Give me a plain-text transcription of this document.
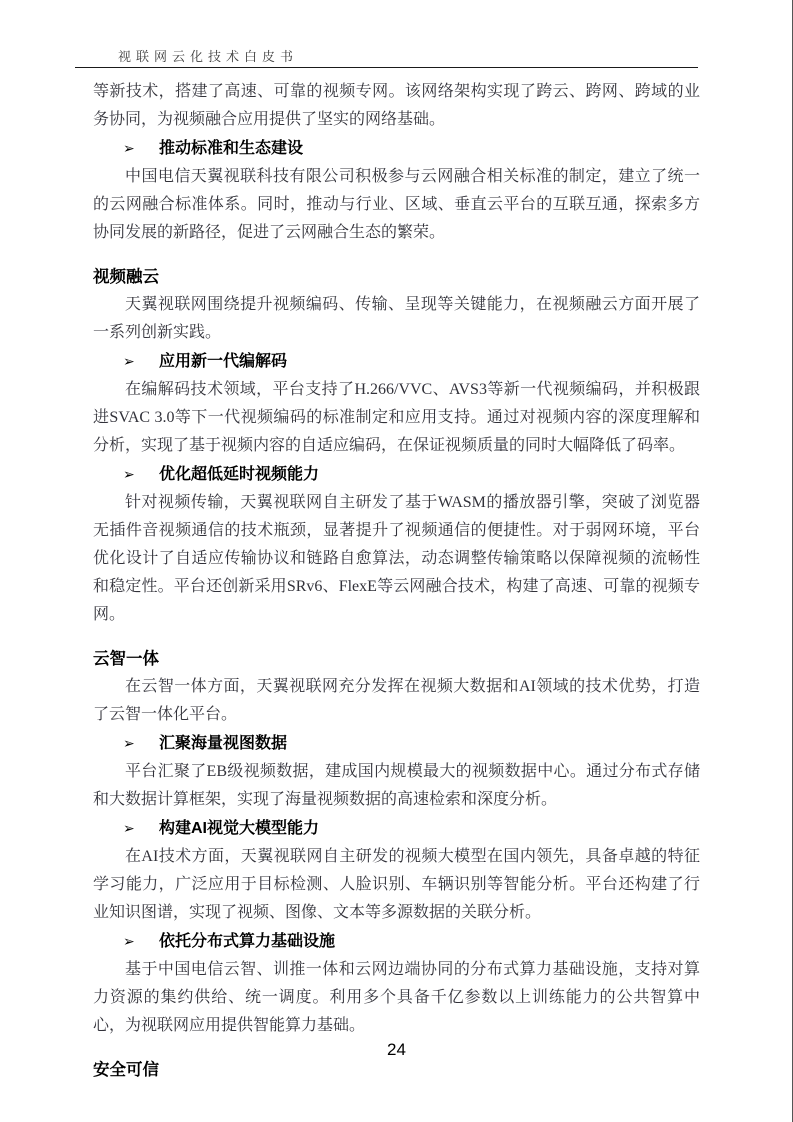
视联网云化技术白皮书

等新技术，搭建了高速、可靠的视频专网。该网络架构实现了跨云、跨网、跨域的业务协同，为视频融合应用提供了坚实的网络基础。

➢ 推动标准和生态建设

中国电信天翼视联科技有限公司积极参与云网融合相关标准的制定，建立了统一的云网融合标准体系。同时，推动与行业、区域、垂直云平台的互联互通，探索多方协同发展的新路径，促进了云网融合生态的繁荣。

视频融云

天翼视联网围绕提升视频编码、传输、呈现等关键能力，在视频融云方面开展了一系列创新实践。

➢ 应用新一代编解码

在编解码技术领域，平台支持了H.266/VVC、AVS3等新一代视频编码，并积极跟进SVAC 3.0等下一代视频编码的标准制定和应用支持。通过对视频内容的深度理解和分析，实现了基于视频内容的自适应编码，在保证视频质量的同时大幅降低了码率。

➢ 优化超低延时视频能力

针对视频传输，天翼视联网自主研发了基于WASM的播放器引擎，突破了浏览器无插件音视频通信的技术瓶颈，显著提升了视频通信的便捷性。对于弱网环境，平台优化设计了自适应传输协议和链路自愈算法，动态调整传输策略以保障视频的流畅性和稳定性。平台还创新采用SRv6、FlexE等云网融合技术，构建了高速、可靠的视频专网。

云智一体

在云智一体方面，天翼视联网充分发挥在视频大数据和AI领域的技术优势，打造了云智一体化平台。

➢ 汇聚海量视图数据

平台汇聚了EB级视频数据，建成国内规模最大的视频数据中心。通过分布式存储和大数据计算框架，实现了海量视频数据的高速检索和深度分析。

➢ 构建AI视觉大模型能力

在AI技术方面，天翼视联网自主研发的视频大模型在国内领先，具备卓越的特征学习能力，广泛应用于目标检测、人脸识别、车辆识别等智能分析。平台还构建了行业知识图谱，实现了视频、图像、文本等多源数据的关联分析。

➢ 依托分布式算力基础设施

基于中国电信云智、训推一体和云网边端协同的分布式算力基础设施，支持对算力资源的集约供给、统一调度。利用多个具备千亿参数以上训练能力的公共智算中心，为视联网应用提供智能算力基础。

安全可信
24
